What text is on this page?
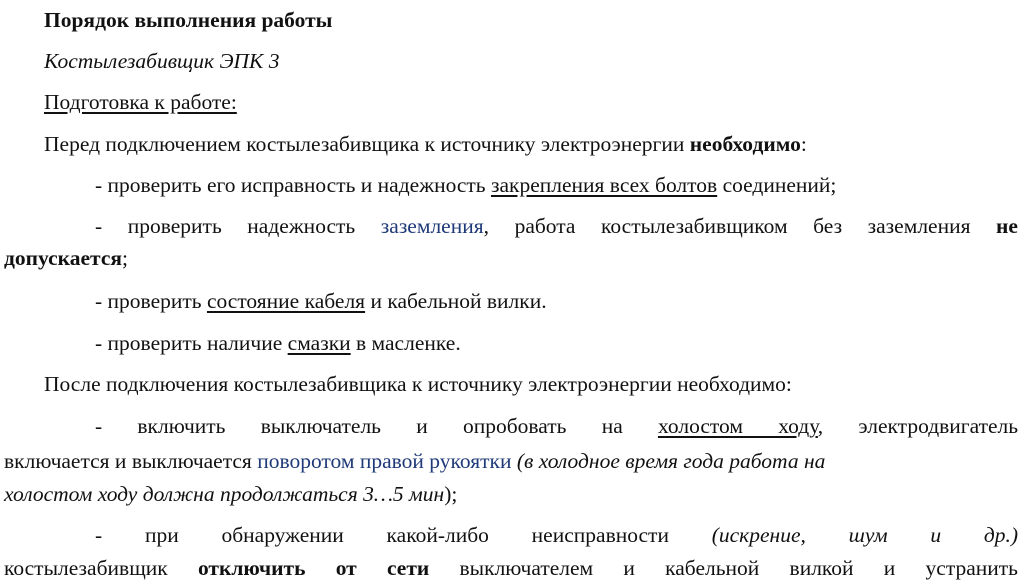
Порядок выполнения работы
Костылезабивщик ЭПК 3
Подготовка к работе:
Перед подключением костылезабивщика к источнику электроэнергии необходимо:
- проверить его исправность и надежность закрепления всех болтов соединений;
- проверить надежность заземления, работа костылезабивщиком без заземления не
допускается;
- проверить состояние кабеля и кабельной вилки.
- проверить наличие смазки в масленке.
После подключения костылезабивщика к источнику электроэнергии необходимо:
- включить выключатель и опробовать на холостом ходу, электродвигатель
включается и выключается поворотом правой рукоятки (в холодное время года работа на
холостом ходу должна продолжаться 3…5 мин);
- при обнаружении какой-либо неисправности (искрение, шум и др.)
костылезабивщик отключить от сети выключателем и кабельной вилкой и устранить
